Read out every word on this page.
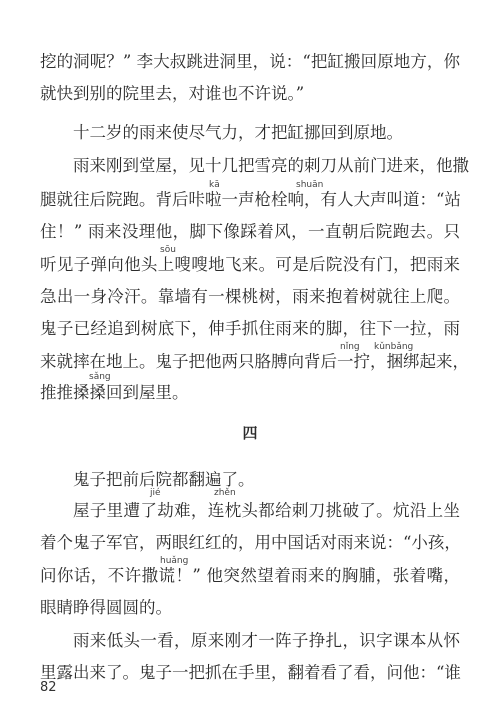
挖的洞呢？” 李大叔跳进洞里，说：“把缸搬回原地方，你
就快到别的院里去，对谁也不许说。”
十二岁的雨来使尽气力，才把缸挪回到原地。
雨来刚到堂屋，见十几把雪亮的刺刀从前门进来，他撒
kā	shuān
腿就往后院跑。背后咔啦一声枪栓响，有人大声叫道：“站
住！” 雨来没理他，脚下像踩着风，一直朝后院跑去。只
sōu
听见子弹向他头上嗖嗖地飞来。可是后院没有门，把雨来
急出一身冷汗。靠墙有一棵桃树，雨来抱着树就往上爬。
鬼子已经追到树底下，伸手抓住雨来的脚，往下一拉，雨
nǐng kǔnbǎng
来就摔在地上。鬼子把他两只胳膊向背后一拧，捆绑起来，
sǎng
推推搡搡回到屋里。
四
鬼子把前后院都翻遍了。
jié	zhěn
屋子里遭了劫难，连枕头都给刺刀挑破了。炕沿上坐
着个鬼子军官，两眼红红的，用中国话对雨来说：“小孩，
huǎng
问你话，不许撒谎！” 他突然望着雨来的胸脯，张着嘴，
眼睛睁得圆圆的。
雨来低头一看，原来刚才一阵子挣扎，识字课本从怀
里露出来了。鬼子一把抓在手里，翻着看了看，问他：“谁
82
